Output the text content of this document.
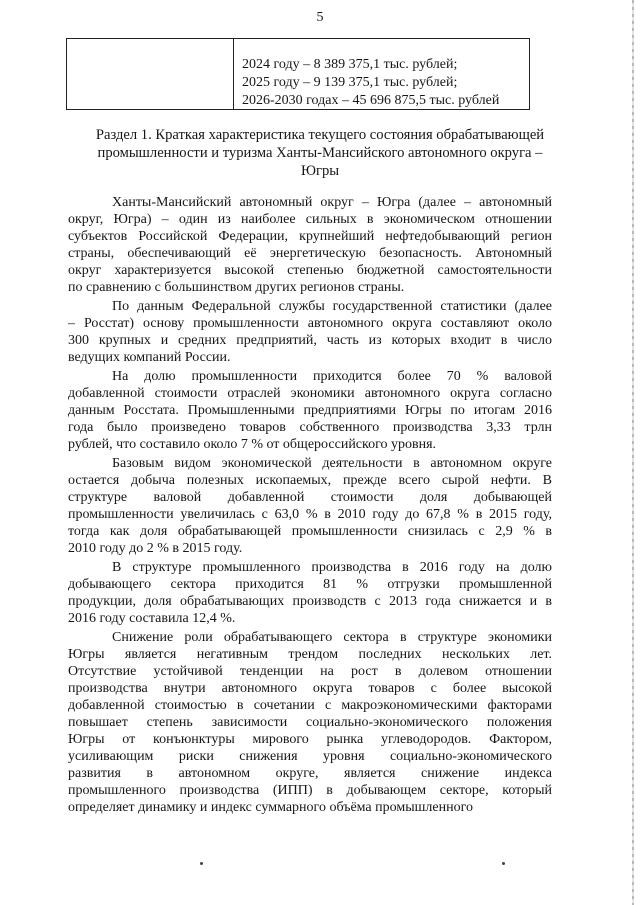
5
2024 году – 8 389 375,1 тыс. рублей;
2025 году – 9 139 375,1 тыс. рублей;
2026-2030 годах – 45 696 875,5 тыс. рублей
Раздел 1. Краткая характеристика текущего состояния обрабатывающей
промышленности и туризма Ханты-Мансийского автономного округа –
Югры
Ханты-Мансийский автономный округ – Югра (далее – автономный
округ, Югра) – один из наиболее сильных в экономическом отношении
субъектов Российской Федерации, крупнейший нефтедобывающий регион
страны, обеспечивающий её энергетическую безопасность. Автономный
округ характеризуется высокой степенью бюджетной самостоятельности
по сравнению с большинством других регионов страны.
По данным Федеральной службы государственной статистики (далее
– Росстат) основу промышленности автономного округа составляют около
300 крупных и средних предприятий, часть из которых входит в число
ведущих компаний России.
На долю промышленности приходится более 70 % валовой
добавленной стоимости отраслей экономики автономного округа согласно
данным Росстата. Промышленными предприятиями Югры по итогам 2016
года было произведено товаров собственного производства 3,33 трлн
рублей, что составило около 7 % от общероссийского уровня.
Базовым видом экономической деятельности в автономном округе
остается добыча полезных ископаемых, прежде всего сырой нефти. В
структуре валовой добавленной стоимости доля добывающей
промышленности увеличилась с 63,0 % в 2010 году до 67,8 % в 2015 году,
тогда как доля обрабатывающей промышленности снизилась с 2,9 % в
2010 году до 2 % в 2015 году.
В структуре промышленного производства в 2016 году на долю
добывающего сектора приходится 81 % отгрузки промышленной
продукции, доля обрабатывающих производств с 2013 года снижается и в
2016 году составила 12,4 %.
Снижение роли обрабатывающего сектора в структуре экономики
Югры является негативным трендом последних нескольких лет.
Отсутствие устойчивой тенденции на рост в долевом отношении
производства внутри автономного округа товаров с более высокой
добавленной стоимостью в сочетании с макроэкономическими факторами
повышает степень зависимости социально-экономического положения
Югры от конъюнктуры мирового рынка углеводородов. Фактором,
усиливающим риски снижения уровня социально-экономического
развития в автономном округе, является снижение индекса
промышленного производства (ИПП) в добывающем секторе, который
определяет динамику и индекс суммарного объёма промышленного
